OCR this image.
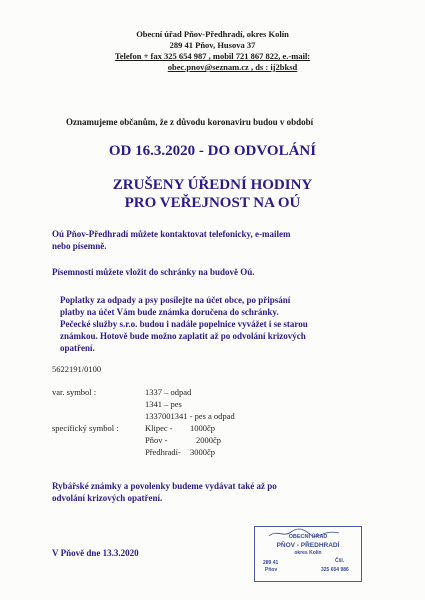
Obecní úřad Pňov-Předhradí, okres Kolín
289 41 Pňov, Husova 37
Telefon + fax 325 654 987 , mobil 721 867 822, e.-mail:
obec.pnov@seznam.cz , ds : ij2bksd
Oznamujeme občanům, že z důvodu koronaviru budou v období
OD 16.3.2020 - DO ODVOLÁNÍ
ZRUŠENY ÚŘEDNÍ HODINY
PRO VEŘEJNOST NA OÚ
Oú Pňov-Předhradí můžete kontaktovat telefonicky, e-mailem
nebo písemně.
Písemnosti můžete vložit do schránky na budově Oú.
Poplatky za odpady a psy posílejte na účet obce, po připsání
platby na účet Vám bude známka doručena do schránky.
Pečecké služby s.r.o. budou i nadále popelnice vyvážet i se starou
známkou. Hotově bude možno zaplatit až po odvolání krizových
opatření.
5622191/0100
var. symbol :	1337 – odpad
1341 – pes
1337001341 - pes a odpad
specifický symbol :	Klipec - 1000čp
Pňov -	2000čp
Předhradí- 3000čp
Rybářské známky a povolenky budeme vydávat také až po
odvolání krizových opatření.
V Pňově dne 13.3.2020
OBECNÍ ÚŘAD
PŇOV - PŘEDHRADÍ
okres Kolín
289 41
Pňov
Čšl.
325 654 986
